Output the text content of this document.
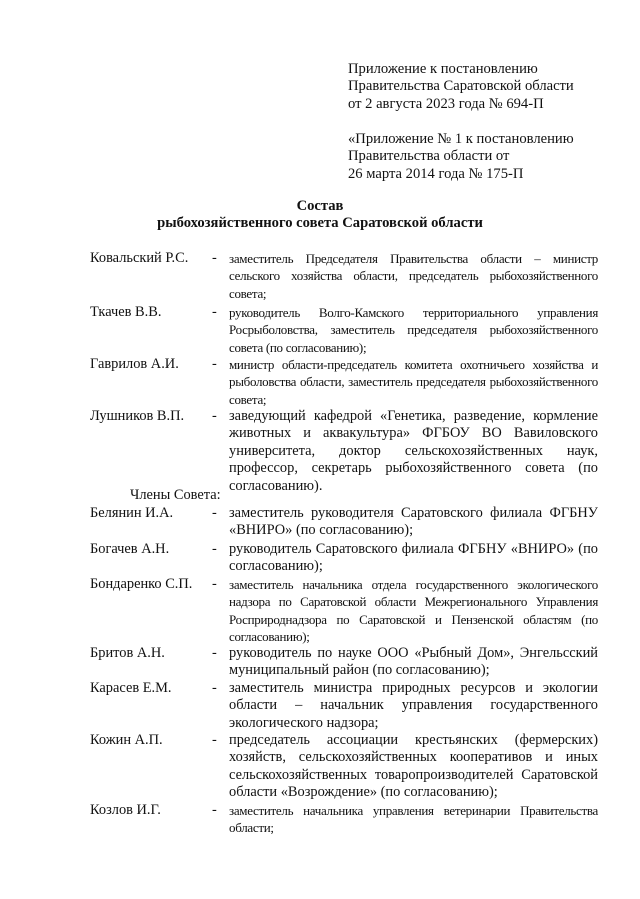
Приложение к постановлению
Правительства Саратовской области
от 2 августа 2023 года № 694-П
«Приложение № 1 к постановлению
Правительства области от
26 марта 2014 года № 175-П
Состав
рыбохозяйственного совета Саратовской области
Ковальский Р.С.	- заместитель Председателя Правительства области – министр сельского хозяйства области, председатель рыбохозяйственного совета;
Ткачев В.В.	- руководитель Волго-Камского территориального управления Росрыболовства, заместитель председателя рыбохозяйственного совета (по согласованию);
Гаврилов А.И.	- министр области-председатель комитета охотничьего хозяйства и рыболовства области, заместитель председателя рыбохозяйственного совета;
Лушников В.П.	- заведующий кафедрой «Генетика, разведение, кормление животных и аквакультура» ФГБОУ ВО Вавиловского университета, доктор сельскохозяйственных наук, профессор, секретарь рыбохозяйственного совета (по согласованию).
Члены Совета:
Белянин И.А.	- заместитель руководителя Саратовского филиала ФГБНУ «ВНИРО» (по согласованию);
Богачев А.Н.	- руководитель Саратовского филиала ФГБНУ «ВНИРО» (по согласованию);
Бондаренко С.П.	- заместитель начальника отдела государственного экологического надзора по Саратовской области Межрегионального Управления Росприроднадзора по Саратовской и Пензенской областям (по согласованию);
Бритов А.Н.	- руководитель по науке ООО «Рыбный Дом», Энгельсский муниципальный район (по согласованию);
Карасев Е.М.	- заместитель министра природных ресурсов и экологии области – начальник управления государственного экологического надзора;
Кожин А.П.	- председатель ассоциации крестьянских (фермерских) хозяйств, сельскохозяйственных кооперативов и иных сельскохозяйственных товаропроизводителей Саратовской области «Возрождение» (по согласованию);
Козлов И.Г.	- заместитель начальника управления ветеринарии Правительства области;
